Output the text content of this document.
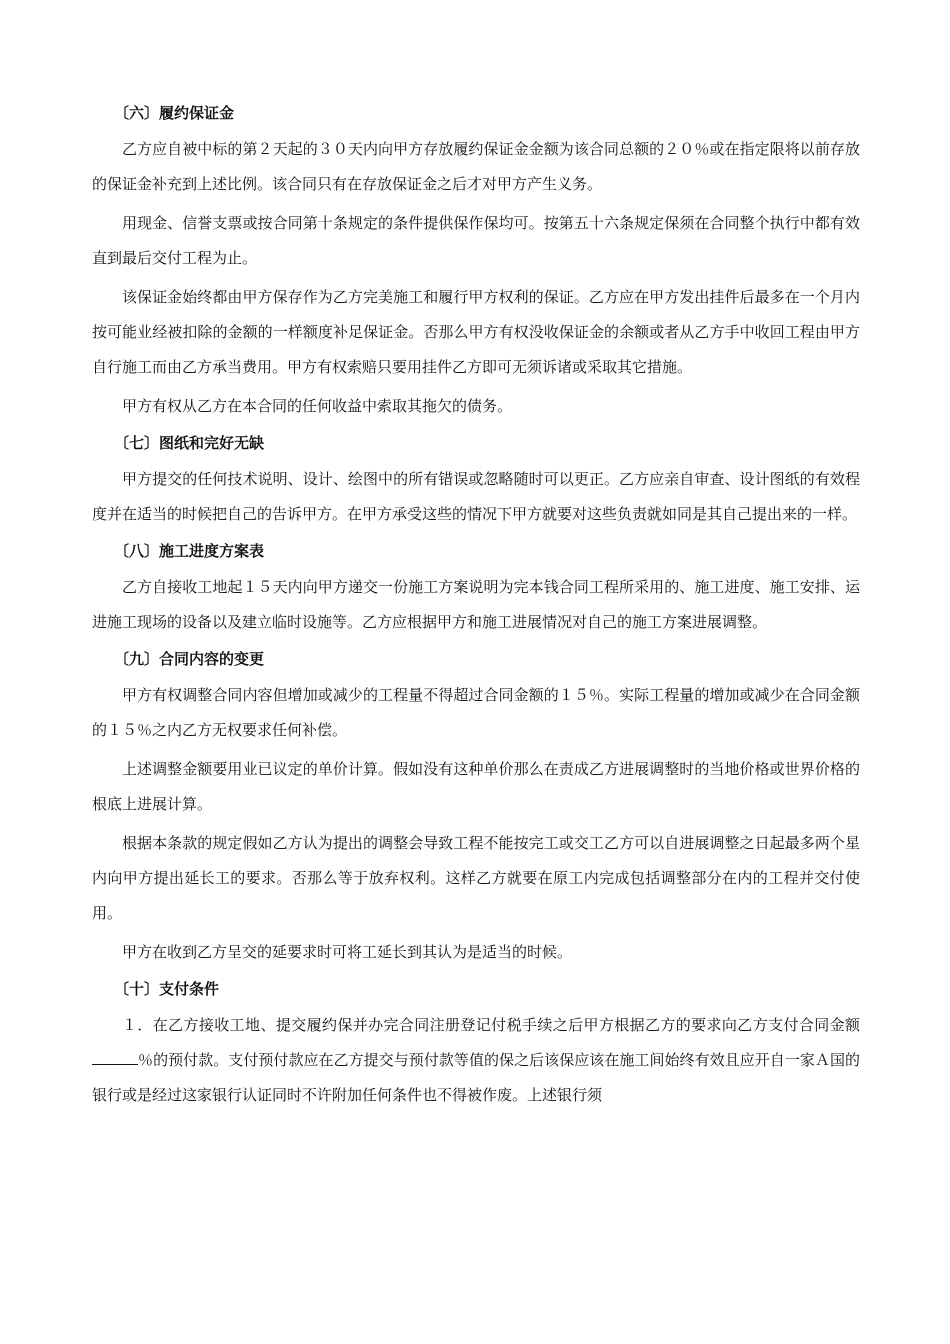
〔六〕履约保证金

乙方应自被中标的第２天起的３０天内向甲方存放履约保证金金额为该合同总额的２０％或在指定限将以前存放的保证金补充到上述比例。该合同只有在存放保证金之后才对甲方产生义务。

用现金、信誉支票或按合同第十条规定的条件提供保作保均可。按第五十六条规定保须在合同整个执行中都有效直到最后交付工程为止。

该保证金始终都由甲方保存作为乙方完美施工和履行甲方权利的保证。乙方应在甲方发出挂件后最多在一个月内按可能业经被扣除的金额的一样额度补足保证金。否那么甲方有权没收保证金的余额或者从乙方手中收回工程由甲方自行施工而由乙方承当费用。甲方有权索赔只要用挂件乙方即可无须诉诸或采取其它措施。

甲方有权从乙方在本合同的任何收益中索取其拖欠的债务。

〔七〕图纸和完好无缺

甲方提交的任何技术说明、设计、绘图中的所有错误或忽略随时可以更正。乙方应亲自审查、设计图纸的有效程度并在适当的时候把自己的告诉甲方。在甲方承受这些的情况下甲方就要对这些负责就如同是其自己提出来的一样。

〔八〕施工进度方案表

乙方自接收工地起１５天内向甲方递交一份施工方案说明为完本钱合同工程所采用的、施工进度、施工安排、运进施工现场的设备以及建立临时设施等。乙方应根据甲方和施工进展情况对自己的施工方案进展调整。

〔九〕合同内容的变更

甲方有权调整合同内容但增加或减少的工程量不得超过合同金额的１５％。实际工程量的增加或减少在合同金额的１５％之内乙方无权要求任何补偿。

上述调整金额要用业已议定的单价计算。假如没有这种单价那么在责成乙方进展调整时的当地价格或世界价格的根底上进展计算。

根据本条款的规定假如乙方认为提出的调整会导致工程不能按完工或交工乙方可以自进展调整之日起最多两个星内向甲方提出延长工的要求。否那么等于放弃权利。这样乙方就要在原工内完成包括调整部分在内的工程并交付使用。

甲方在收到乙方呈交的延要求时可将工延长到其认为是适当的时候。

〔十〕支付条件

１．在乙方接收工地、提交履约保并办完合同注册登记付税手续之后甲方根据乙方的要求向乙方支付合同金额％的预付款。支付预付款应在乙方提交与预付款等值的保之后该保应该在施工间始终有效且应开自一家Ａ国的银行或是经过这家银行认证同时不许附加任何条件也不得被作废。上述银行须
